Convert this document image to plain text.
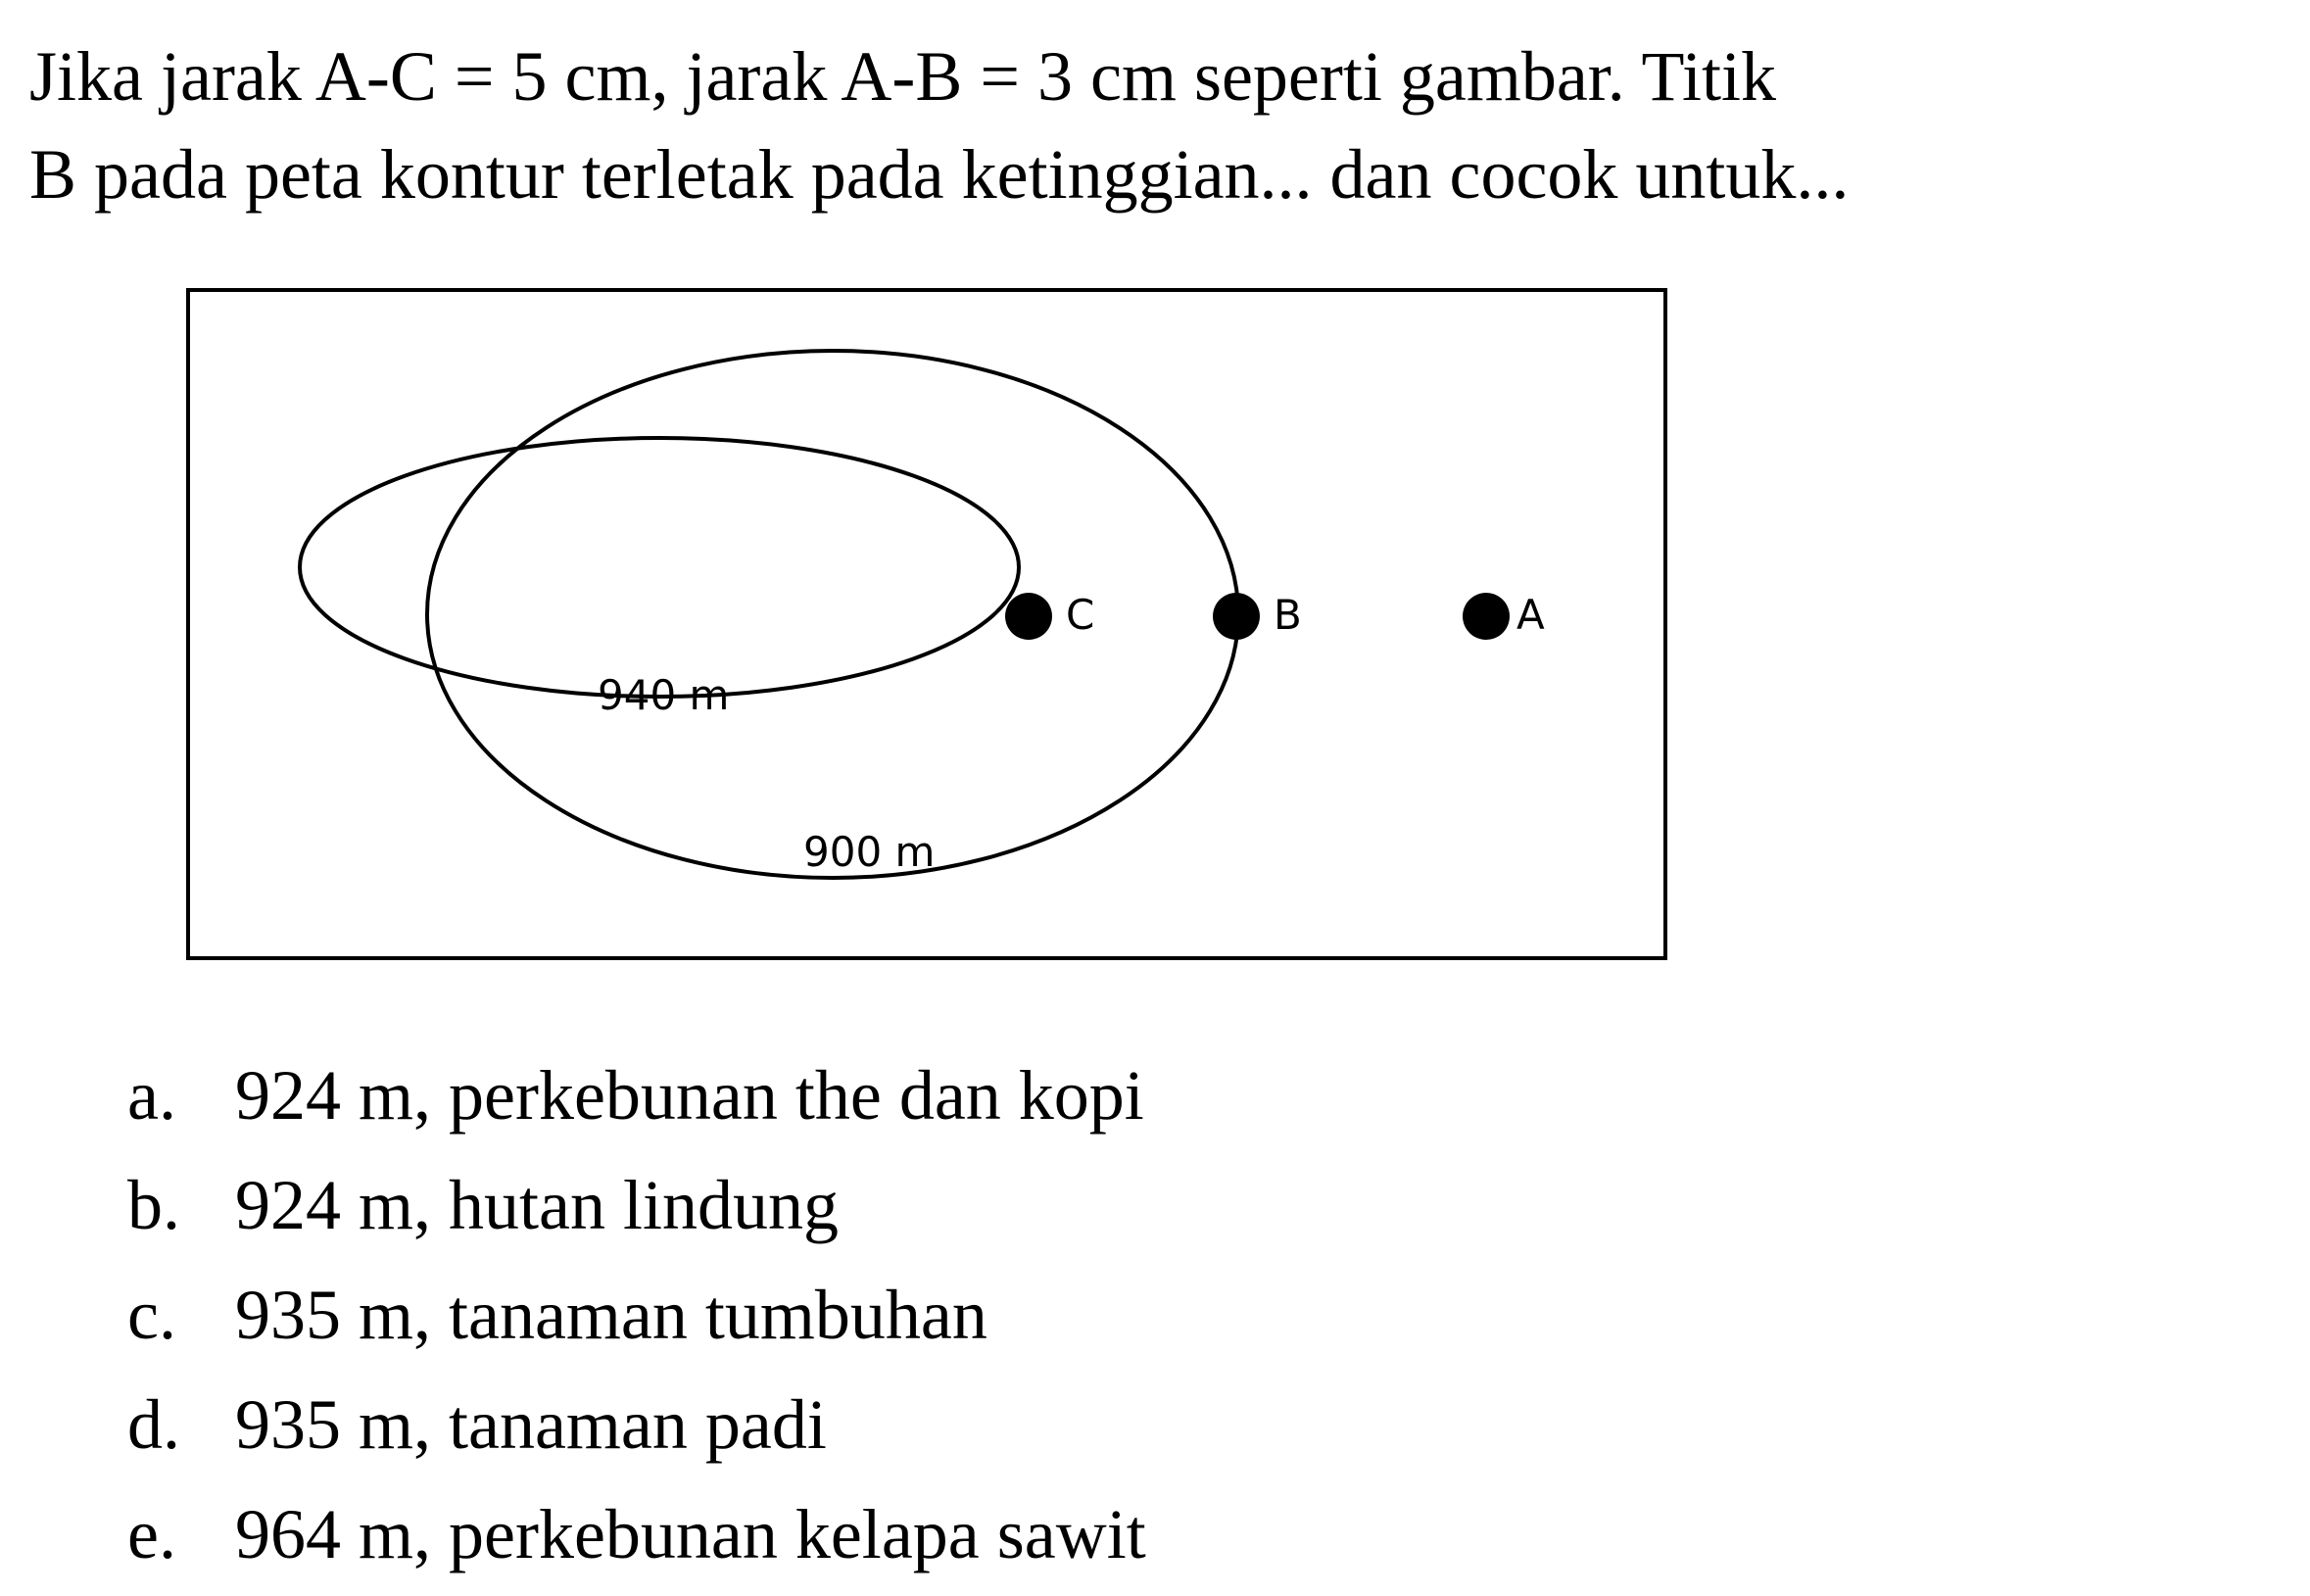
Jika jarak A-C = 5 cm, jarak A-B = 3 cm seperti gambar. Titik
B pada peta kontur terletak pada ketinggian... dan cocok untuk...
C	B	A
940 m
900 m
a. 924 m, perkebunan the dan kopi
b. 924 m, hutan lindung
c. 935 m, tanaman tumbuhan
d. 935 m, tanaman padi
e. 964 m, perkebunan kelapa sawit
